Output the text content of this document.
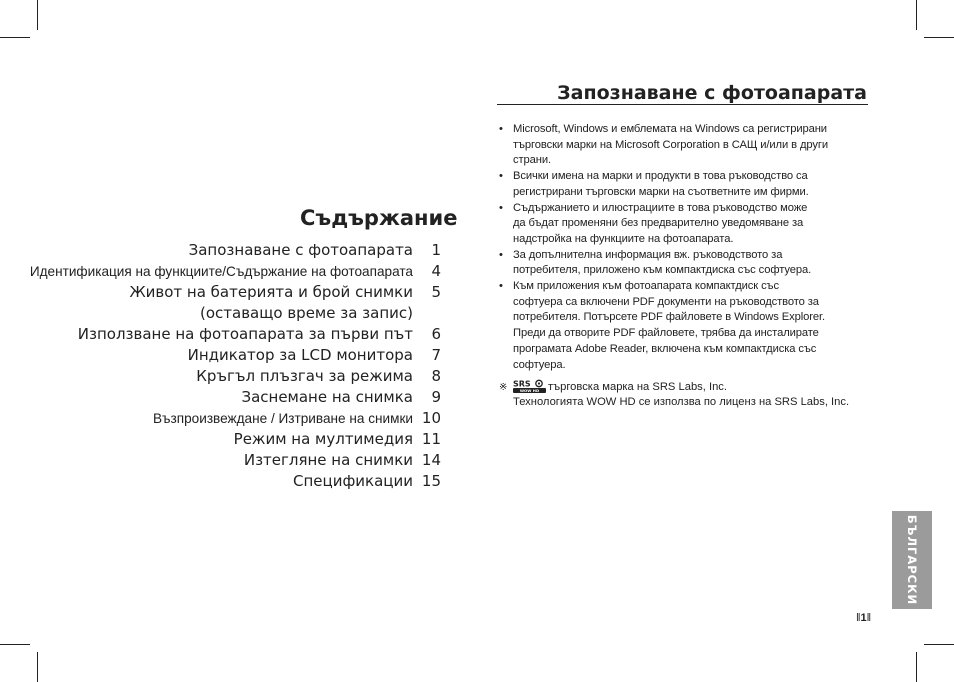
Съдържание
Запознаване с фотоапарата	1
Идентификация на функциите/Съдържание на фотоапарата	4
Живот на батерията и брой снимки	5
(оставащо време за запис)
Използване на фотоапарата за първи път	6
Индикатор за LCD монитора	7
Кръгъл плъзгач за режима	8
Заснемане на снимка	9
Възпроизвеждане / Изтриване на снимки 10
Режим на мултимедия 11
Изтегляне на снимки 14
Спецификации 15
Запознаване с фотоапарата
• Microsoft, Windows и емблемата на Windows са регистрирани
търговски марки на Microsoft Corporation в САЩ и/или в други
страни.
• Всички имена на марки и продукти в това ръководство са
регистрирани търговски марки на съответните им фирми.
• Съдържанието и илюстрациите в това ръководство може
да бъдат променяни без предварително уведомяване за
надстройка на функциите на фотоапарата.
• За допълнителна информация вж. ръководството за
потребителя, приложено към компактдиска със софтуера.
• Към приложения към фотоапарата компактдиск със
софтуера са включени PDF документи на ръководството за
потребителя. Потърсете PDF файловете в Windows Explorer.
Преди да отворите PDF файловете, трябва да инсталирате
програмата Adobe Reader, включена към компактдиска със
софтуера.
※ SRS
WOW HD търговска марка на SRS Labs, Inc.
Технологията WOW HD се използва по лиценз на SRS Labs, Inc.
БЪЛГАРСКИ
‖1‖
